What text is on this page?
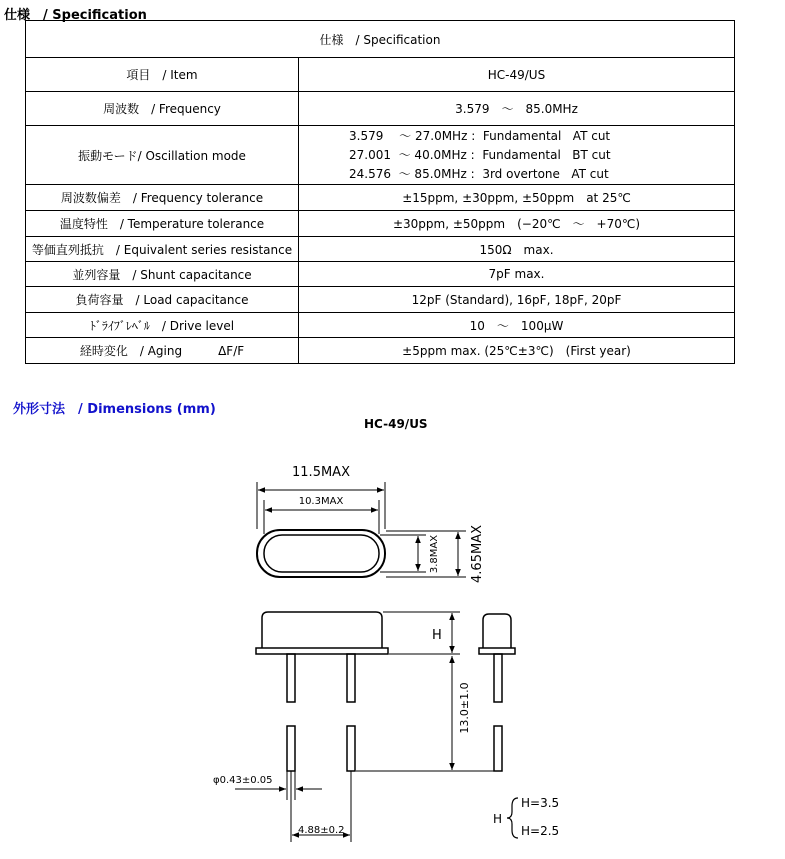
仕様　/ Specification
仕様　/ Specification	
項目　/ Item	HC-49/US
周波数　/ Frequency	3.579　～　85.0MHz
振動モード/ Oscillation mode	3.579　 ～ 27.0MHz :  Fundamental   AT cut
27.001  ～ 40.0MHz :  Fundamental   BT cut
24.576  ～ 85.0MHz :  3rd overtone   AT cut

周波数偏差　/ Frequency tolerance	±15ppm, ±30ppm, ±50ppm　at 25℃
温度特性　/ Temperature tolerance	±30ppm, ±50ppm　(−20℃　～　+70℃)
等価直列抵抗　/ Equivalent series resistance	150Ω　max.
並列容量　/ Shunt capacitance	7pF max.
負荷容量　/ Load capacitance	12pF (Standard), 16pF, 18pF, 20pF
ﾄﾞﾗｲﾌﾞﾚﾍﾞﾙ　/ Drive level	10　～　100μW
経時変化　/ Aging　　　ΔF/F	±5ppm max. (25℃±3℃)　(First year)
外形寸法　/ Dimensions (mm)
HC-49/US
11.5MAX
10.3MAX
3.8MAX 4.65MAX
H
13.0±1.0
φ0.43±0.05
4.88±0.2
H
H=3.5
H=2.5
